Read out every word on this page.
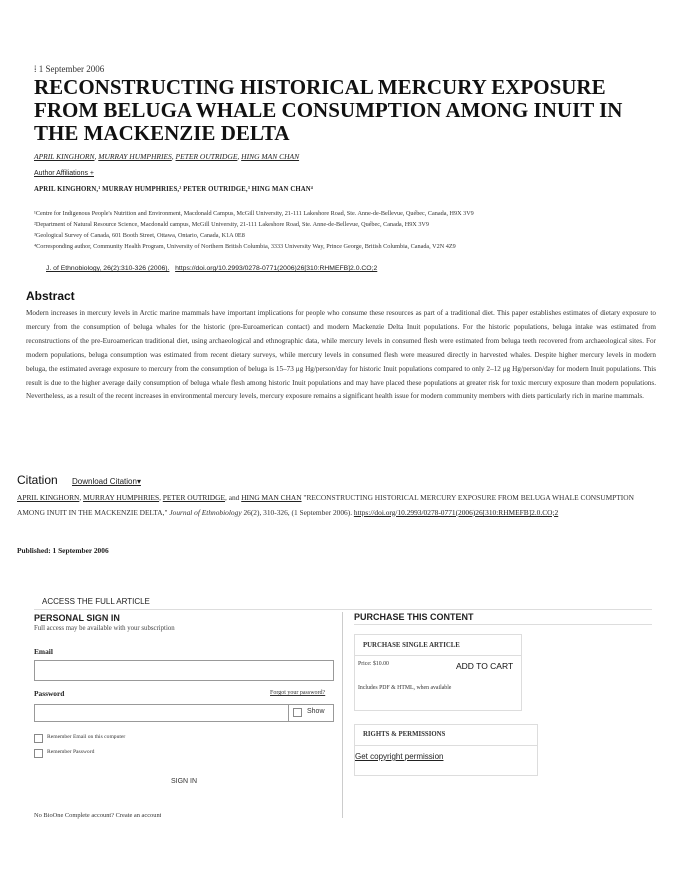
⁞ 1 September 2006
RECONSTRUCTING HISTORICAL MERCURY EXPOSURE FROM BELUGA WHALE CONSUMPTION AMONG INUIT IN THE MACKENZIE DELTA
APRIL KINGHORN, MURRAY HUMPHRIES, PETER OUTRIDGE, HING MAN CHAN
Author Affiliations +
APRIL KINGHORN,¹ MURRAY HUMPHRIES,² PETER OUTRIDGE,³ HING MAN CHAN⁴
¹Centre for Indigenous People's Nutrition and Environment, Macdonald Campus, McGill University, 21-111 Lakeshore Road, Ste. Anne-de-Bellevue, Québec, Canada, H9X 3V9
²Department of Natural Resource Science, Macdonald campus, McGill University, 21-111 Lakeshore Road, Ste. Anne-de-Bellevue, Québec, Canada, H9X 3V9
³Geological Survey of Canada, 601 Booth Street, Ottawa, Ontario, Canada, K1A 0E8
⁴Corresponding author, Community Health Program, University of Northern British Columbia, 3333 University Way, Prince George, British Columbia, Canada, V2N 4Z9
J. of Ethnobiology, 26(2):310-326 (2006). https://doi.org/10.2993/0278-0771(2006)26[310:RHMEFB]2.0.CO;2
Abstract

Modern increases in mercury levels in Arctic marine mammals have important implications for people who consume these resources as part of a traditional diet. This paper establishes estimates of dietary exposure to mercury from the consumption of beluga whales for the historic (pre-Euroamerican contact) and modern Mackenzie Delta Inuit populations. For the historic populations, beluga intake was estimated from reconstructions of the pre-Euroamerican traditional diet, using archaeological and ethnographic data, while mercury levels in consumed flesh were estimated from beluga teeth recovered from archaeological sites. For modern populations, beluga consumption was estimated from recent dietary surveys, while mercury levels in consumed flesh were measured directly in harvested whales. Despite higher mercury levels in modern beluga, the estimated average exposure to mercury from the consumption of beluga is 15–73 μg Hg/person/day for historic Inuit populations compared to only 2–12 μg Hg/person/day for modern Inuit populations. This result is due to the higher average daily consumption of beluga whale flesh among historic Inuit populations and may have placed these populations at greater risk for toxic mercury exposure than modern populations. Nevertheless, as a result of the recent increases in environmental mercury levels, mercury exposure remains a significant health issue for modern community members with diets particularly rich in marine mammals.

Citation Download Citation▾
APRIL KINGHORN, MURRAY HUMPHRIES, PETER OUTRIDGE, and HING MAN CHAN "RECONSTRUCTING HISTORICAL MERCURY EXPOSURE FROM BELUGA WHALE CONSUMPTION AMONG INUIT IN THE MACKENZIE DELTA," Journal of Ethnobiology 26(2), 310-326, (1 September 2006). https://doi.org/10.2993/0278-0771(2006)26[310:RHMEFB]2.0.CO;2
Published: 1 September 2006
ACCESS THE FULL ARTICLE
PERSONAL SIGN IN
Full access may be available with your subscription
Email
Password	Forgot your password?
Show
Remember Email on this computer
Remember Password
SIGN IN
No BioOne Complete account? Create an account
PURCHASE THIS CONTENT
PURCHASE SINGLE ARTICLE
Price: $10.00	ADD TO CART
Includes PDF & HTML, when available
RIGHTS & PERMISSIONS
Get copyright permission
